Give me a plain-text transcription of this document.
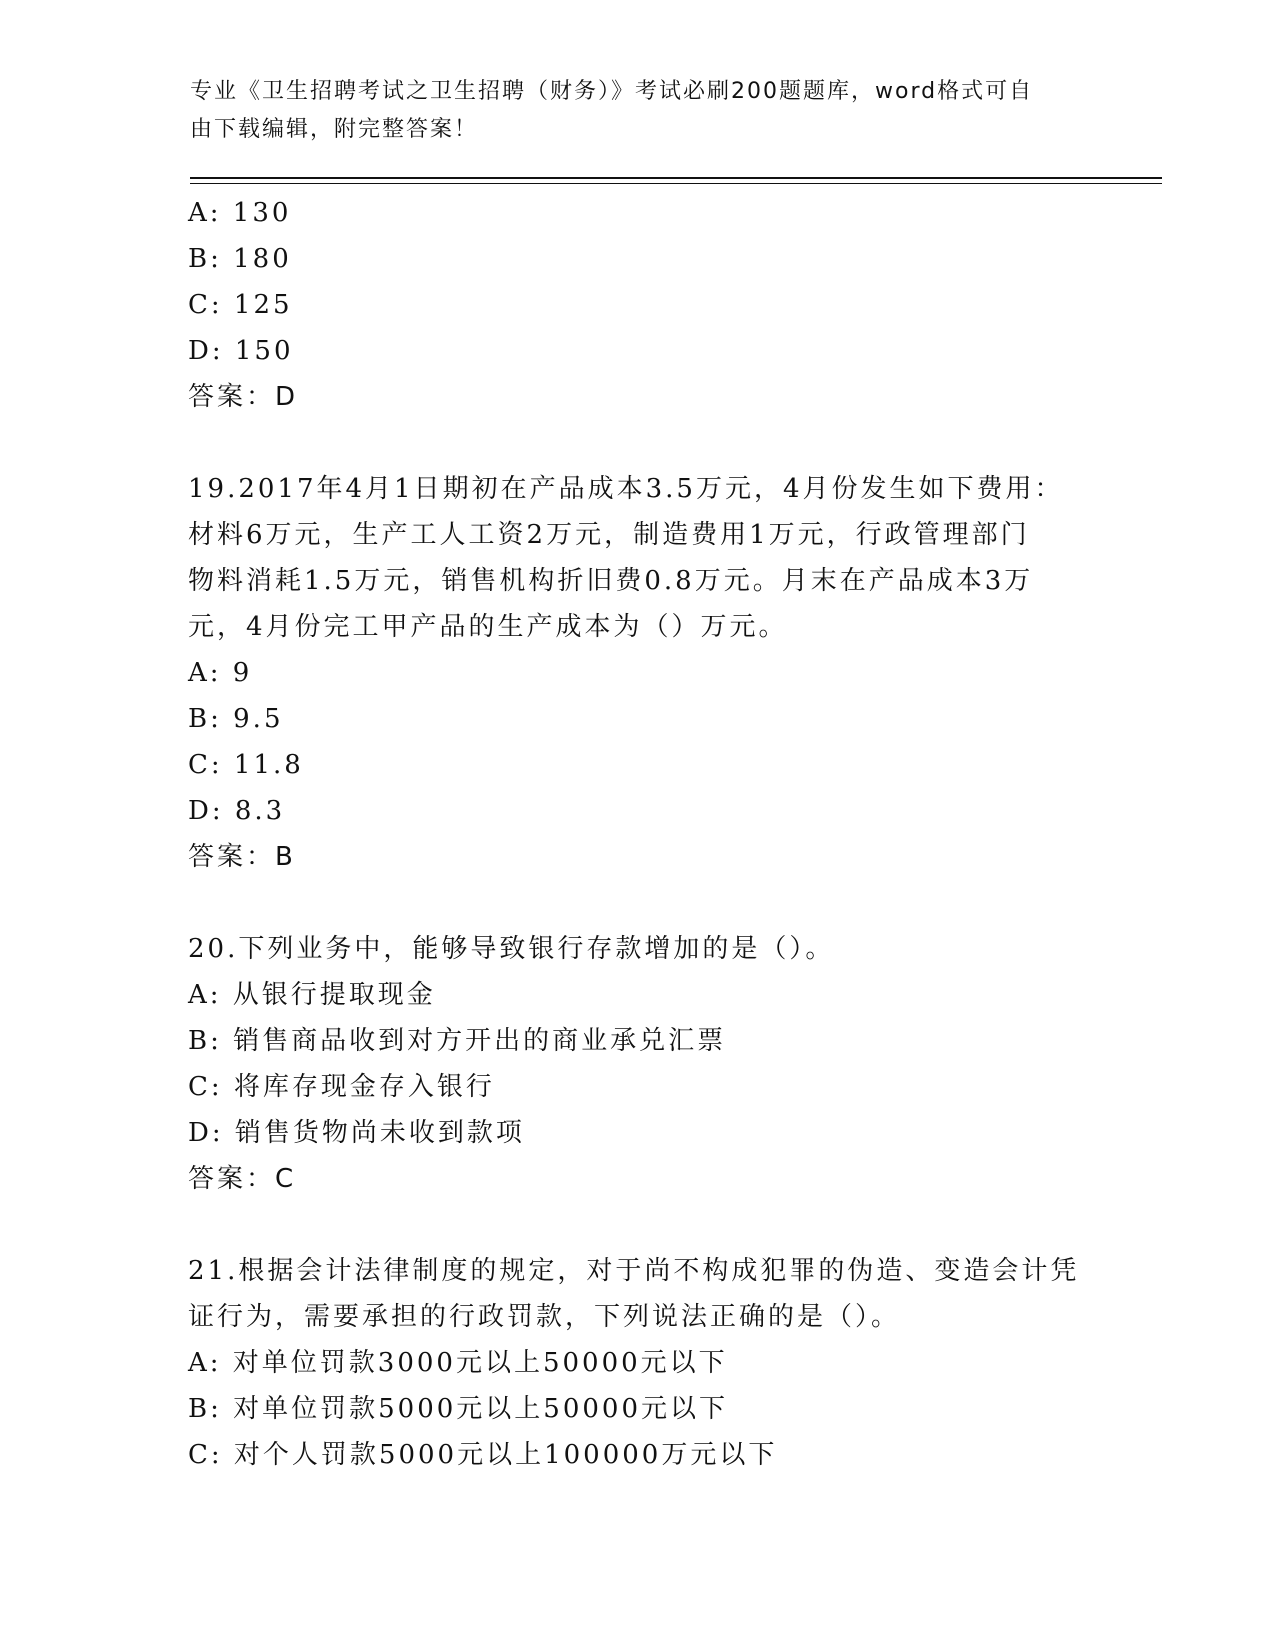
专业《卫生招聘考试之卫生招聘（财务）》考试必刷200题题库，word格式可自
由下载编辑，附完整答案！
A: 130
B: 180
C: 125
D: 150
答案：D
19.2017年4月1日期初在产品成本3.5万元，4月份发生如下费用：
材料6万元，生产工人工资2万元，制造费用1万元，行政管理部门
物料消耗1.5万元，销售机构折旧费0.8万元。月末在产品成本3万
元，4月份完工甲产品的生产成本为（）万元。
A: 9
B: 9.5
C: 11.8
D: 8.3
答案：B
20.下列业务中，能够导致银行存款增加的是（）。
A: 从银行提取现金
B: 销售商品收到对方开出的商业承兑汇票
C: 将库存现金存入银行
D: 销售货物尚未收到款项
答案：C
21.根据会计法律制度的规定，对于尚不构成犯罪的伪造、变造会计凭
证行为，需要承担的行政罚款，下列说法正确的是（）。
A: 对单位罚款3000元以上50000元以下
B: 对单位罚款5000元以上50000元以下
C: 对个人罚款5000元以上100000万元以下
